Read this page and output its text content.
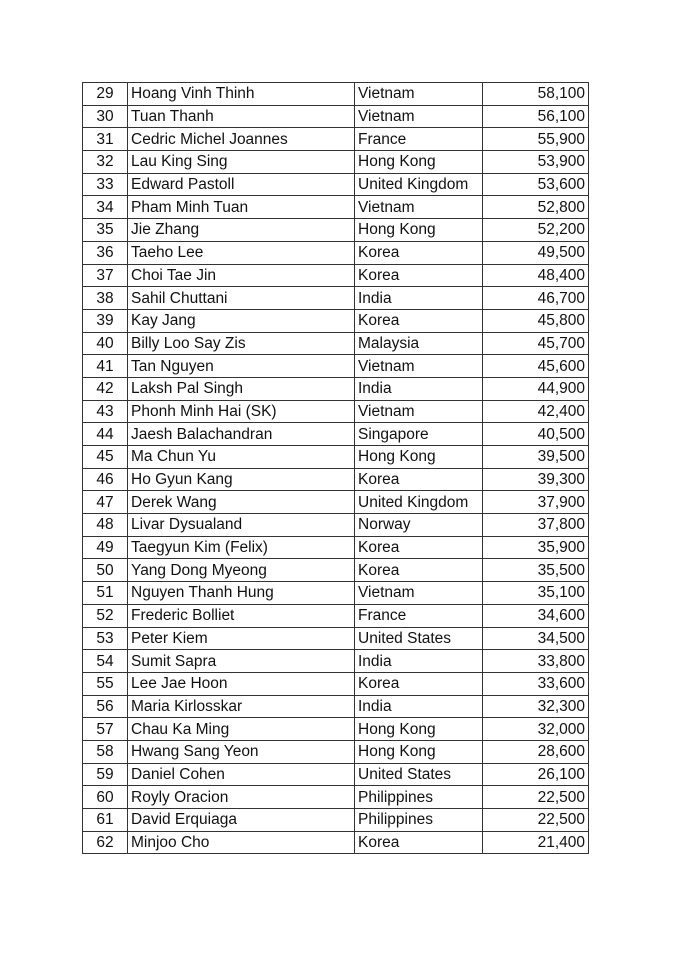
29	Hoang Vinh Thinh	Vietnam	58,100
30	Tuan Thanh	Vietnam	56,100
31	Cedric Michel Joannes	France	55,900
32	Lau King Sing	Hong Kong	53,900
33	Edward Pastoll	United Kingdom	53,600
34	Pham Minh Tuan	Vietnam	52,800
35	Jie Zhang	Hong Kong	52,200
36	Taeho Lee	Korea	49,500
37	Choi Tae Jin	Korea	48,400
38	Sahil Chuttani	India	46,700
39	Kay Jang	Korea	45,800
40	Billy Loo Say Zis	Malaysia	45,700
41	Tan Nguyen	Vietnam	45,600
42	Laksh Pal Singh	India	44,900
43	Phonh Minh Hai (SK)	Vietnam	42,400
44	Jaesh Balachandran	Singapore	40,500
45	Ma Chun Yu	Hong Kong	39,500
46	Ho Gyun Kang	Korea	39,300
47	Derek Wang	United Kingdom	37,900
48	Livar Dysualand	Norway	37,800
49	Taegyun Kim (Felix)	Korea	35,900
50	Yang Dong Myeong	Korea	35,500
51	Nguyen Thanh Hung	Vietnam	35,100
52	Frederic Bolliet	France	34,600
53	Peter Kiem	United States	34,500
54	Sumit Sapra	India	33,800
55	Lee Jae Hoon	Korea	33,600
56	Maria Kirlosskar	India	32,300
57	Chau Ka Ming	Hong Kong	32,000
58	Hwang Sang Yeon	Hong Kong	28,600
59	Daniel Cohen	United States	26,100
60	Royly Oracion	Philippines	22,500
61	David Erquiaga	Philippines	22,500
62	Minjoo Cho	Korea	21,400
